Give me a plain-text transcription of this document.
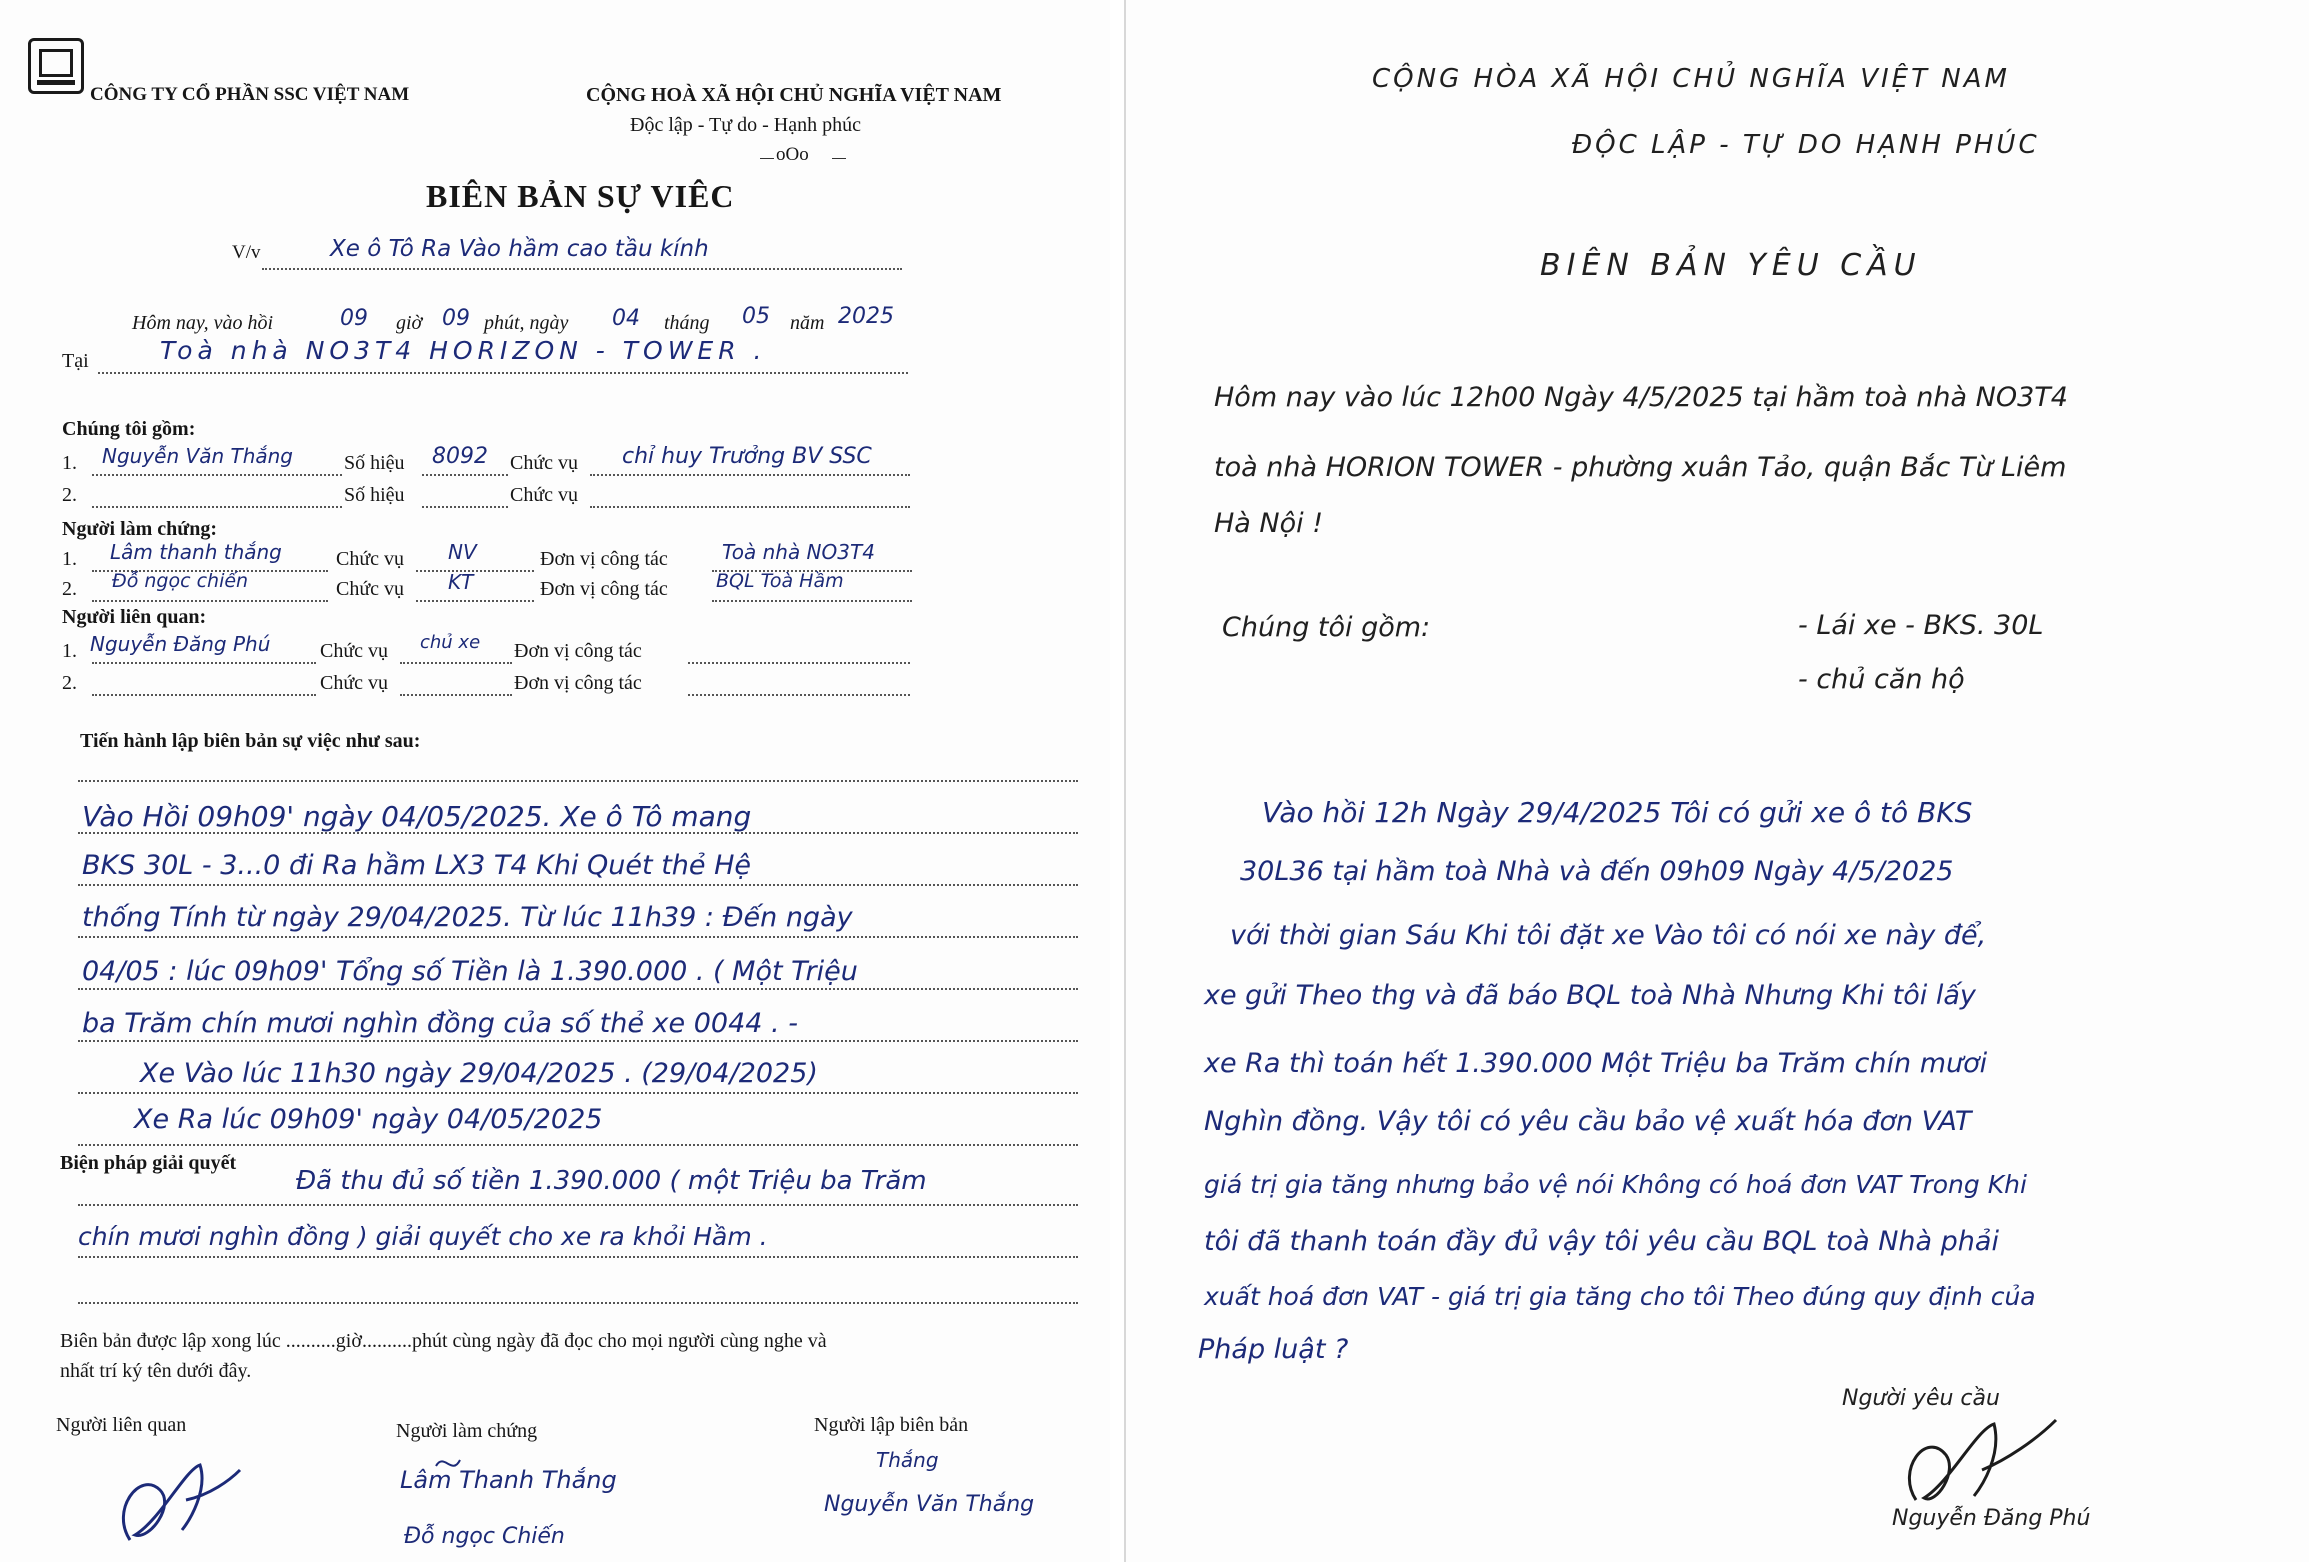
CÔNG TY CỔ PHẦN SSC VIỆT NAM	CỘNG HOÀ XÃ HỘI CHỦ NGHĨA VIỆT NAM
Độc lập - Tự do - Hạnh phúc
oOo
BIÊN BẢN SỰ VIÊC
V/v	Xe ô Tô Ra Vào hầm cao tầu kính
Hôm nay, vào hồi	09 giờ 09 phút, ngày 04 tháng 05 năm 2025
Tại	Toà nhà NO3T4 HORIZON - TOWER .
Chúng tôi gồm:
1. Nguyễn Văn Thắng	Số hiệu 8092 Chức vụ chỉ huy Trưởng BV SSC
2.	Số hiệu	Chức vụ
Người làm chứng:
1. Lâm thanh thắng	Chức vụ NV	Đơn vị công tác	Toà nhà NO3T4
2. Đỗ ngọc chiến	Chức vụ KT	Đơn vị công tác	BQL Toà Hầm
Người liên quan:
1. Nguyễn Đăng Phú Chức vụ chủ xe Đơn vị công tác
2.	Chức vụ	Đơn vị công tác
Tiến hành lập biên bản sự việc như sau:
Vào Hồi 09h09' ngày 04/05/2025. Xe ô Tô mang
BKS 30L - 3...0 đi Ra hầm LX3 T4 Khi Quét thẻ Hệ
thống Tính từ ngày 29/04/2025. Từ lúc 11h39 : Đến ngày
04/05 : lúc 09h09' Tổng số Tiền là 1.390.000 . ( Một Triệu
ba Trăm chín mươi nghìn đồng của số thẻ xe 0044 . -
Xe Vào lúc 11h30 ngày 29/04/2025 . (29/04/2025)
Xe Ra lúc 09h09' ngày 04/05/2025
Biện pháp giải quyết
Đã thu đủ số tiền 1.390.000 ( một Triệu ba Trăm
chín mươi nghìn đồng ) giải quyết cho xe ra khỏi Hầm .
Biên bản được lập xong lúc ..........giờ..........phút cùng ngày đã đọc cho mọi người cùng nghe và
nhất trí ký tên dưới đây.
Người liên quan	Người làm chứng	Người lập biên bản
Lâm Thanh Thắng
Đỗ ngọc Chiến
Thắng
Nguyễn Văn Thắng
CỘNG HÒA XÃ HỘI CHỦ NGHĨA VIỆT NAM
ĐỘC LẬP - TỰ DO HẠNH PHÚC
BIÊN BẢN YÊU CẦU
Hôm nay vào lúc 12h00 Ngày 4/5/2025 tại hầm toà nhà NO3T4
toà nhà HORION TOWER - phường xuân Tảo, quận Bắc Từ Liêm
Hà Nội !
Chúng tôi gồm:	- Lái xe - BKS. 30L
- chủ căn hộ
Vào hồi 12h Ngày 29/4/2025 Tôi có gửi xe ô tô BKS
30L36 tại hầm toà Nhà và đến 09h09 Ngày 4/5/2025
với thời gian Sáu Khi tôi đặt xe Vào tôi có nói xe này để,
xe gửi Theo thg và đã báo BQL toà Nhà Nhưng Khi tôi lấy
xe Ra thì toán hết 1.390.000 Một Triệu ba Trăm chín mươi
Nghìn đồng. Vậy tôi có yêu cầu bảo vệ xuất hóa đơn VAT
giá trị gia tăng nhưng bảo vệ nói Không có hoá đơn VAT Trong Khi
tôi đã thanh toán đầy đủ vậy tôi yêu cầu BQL toà Nhà phải
xuất hoá đơn VAT - giá trị gia tăng cho tôi Theo đúng quy định của
Pháp luật ?
Người yêu cầu
Nguyễn Đăng Phú
